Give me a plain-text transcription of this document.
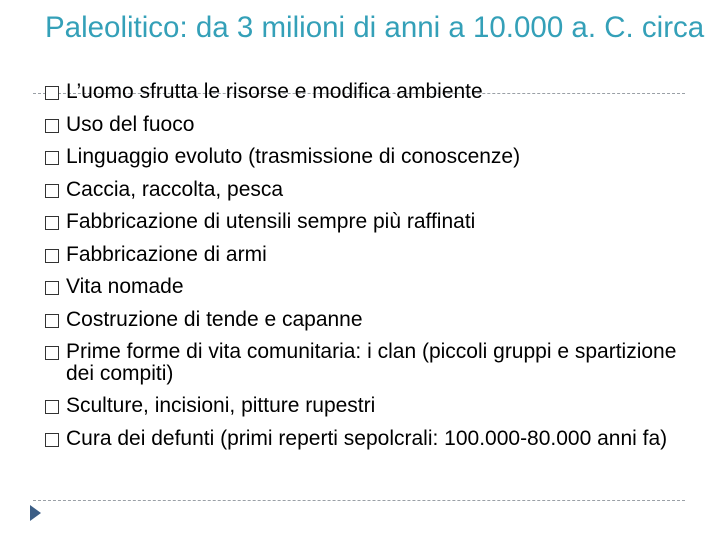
Paleolitico: da 3 milioni di anni a 10.000 a. C. circa
L’uomo sfrutta le risorse e modifica ambiente
Uso del fuoco
Linguaggio evoluto (trasmissione di conoscenze)
Caccia, raccolta, pesca
Fabbricazione di utensili sempre più raffinati
Fabbricazione di armi
Vita nomade
Costruzione di tende e capanne
Prime forme di vita comunitaria: i clan (piccoli gruppi e spartizione dei compiti)
Sculture, incisioni, pitture rupestri
Cura dei defunti (primi reperti sepolcrali: 100.000-80.000 anni fa)
